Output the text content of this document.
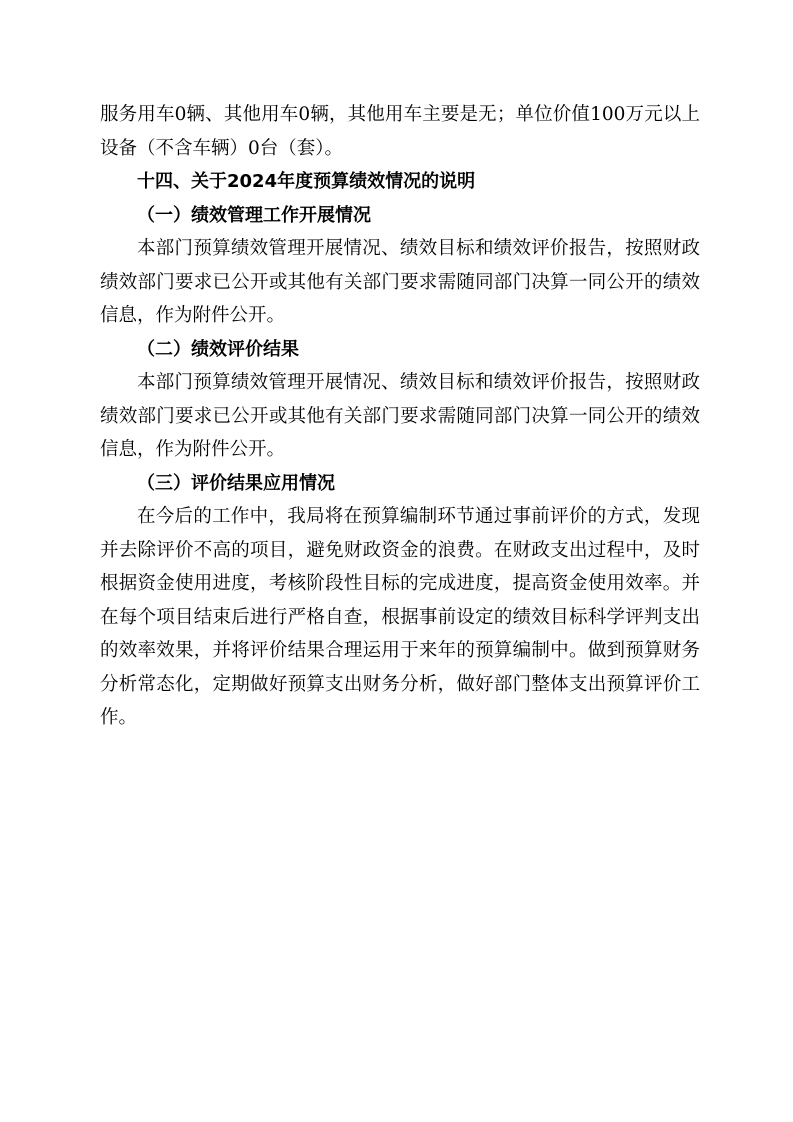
服务用车0辆、其他用车0辆，其他用车主要是无；单位价值100万元以上设备（不含车辆）0台（套）。

十四、关于2024年度预算绩效情况的说明
（一）绩效管理工作开展情况

本部门预算绩效管理开展情况、绩效目标和绩效评价报告，按照财政绩效部门要求已公开或其他有关部门要求需随同部门决算一同公开的绩效信息，作为附件公开。

（二）绩效评价结果

本部门预算绩效管理开展情况、绩效目标和绩效评价报告，按照财政绩效部门要求已公开或其他有关部门要求需随同部门决算一同公开的绩效信息，作为附件公开。

（三）评价结果应用情况

在今后的工作中，我局将在预算编制环节通过事前评价的方式，发现并去除评价不高的项目，避免财政资金的浪费。在财政支出过程中，及时根据资金使用进度，考核阶段性目标的完成进度，提高资金使用效率。并在每个项目结束后进行严格自查，根据事前设定的绩效目标科学评判支出的效率效果，并将评价结果合理运用于来年的预算编制中。做到预算财务分析常态化，定期做好预算支出财务分析，做好部门整体支出预算评价工作。
